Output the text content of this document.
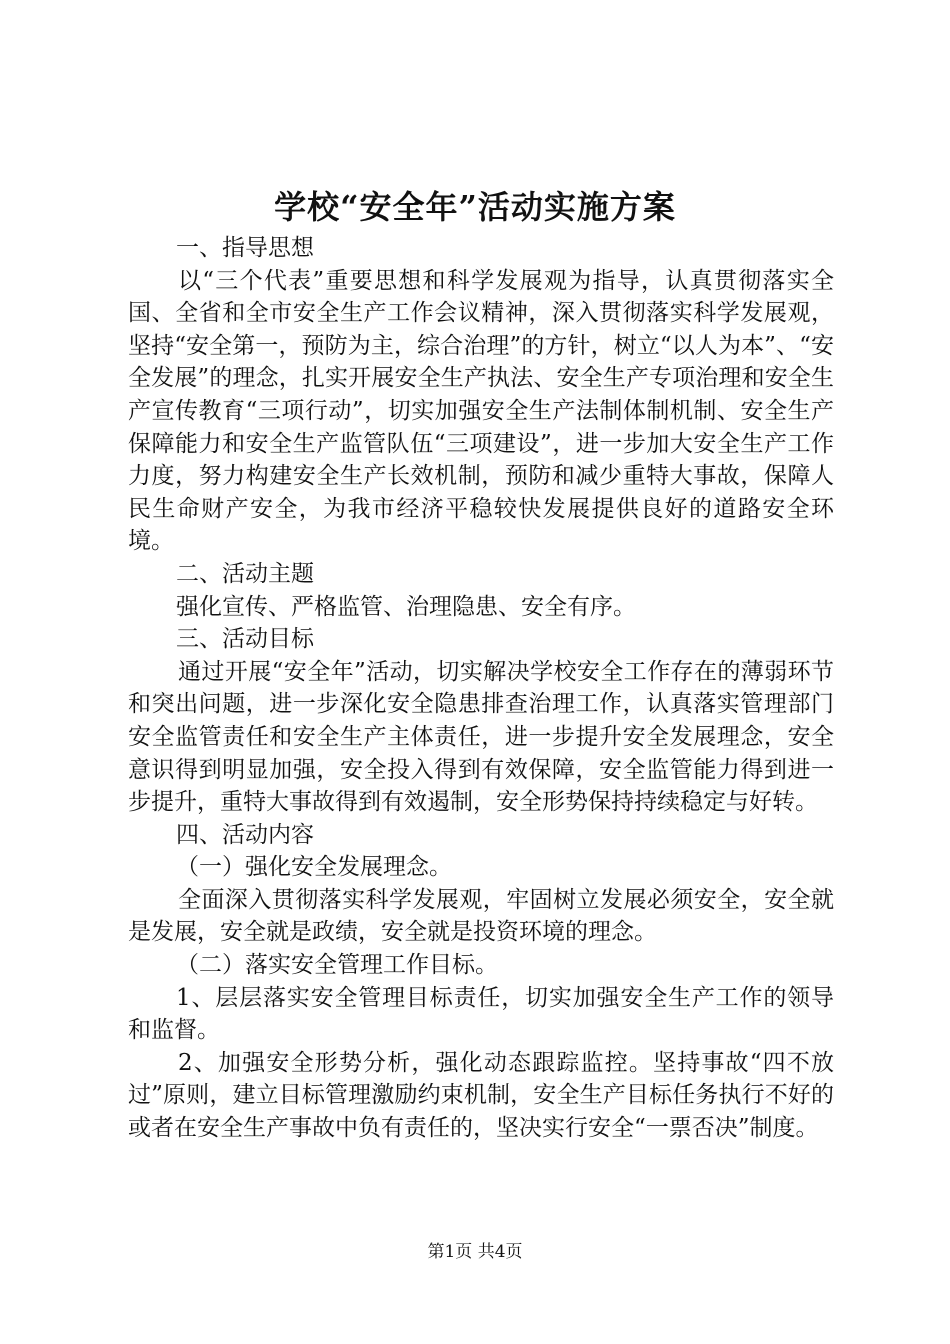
学校“安全年”活动实施方案

一、指导思想

以“三个代表”重要思想和科学发展观为指导，认真贯彻落实全国、全省和全市安全生产工作会议精神，深入贯彻落实科学发展观，坚持“安全第一，预防为主，综合治理”的方针，树立“以人为本”、“安全发展”的理念，扎实开展安全生产执法、安全生产专项治理和安全生产宣传教育“三项行动”，切实加强安全生产法制体制机制、安全生产保障能力和安全生产监管队伍“三项建设”，进一步加大安全生产工作力度，努力构建安全生产长效机制，预防和减少重特大事故，保障人民生命财产安全，为我市经济平稳较快发展提供良好的道路安全环境。

二、活动主题

强化宣传、严格监管、治理隐患、安全有序。

三、活动目标

通过开展“安全年”活动，切实解决学校安全工作存在的薄弱环节和突出问题，进一步深化安全隐患排查治理工作，认真落实管理部门安全监管责任和安全生产主体责任，进一步提升安全发展理念，安全意识得到明显加强，安全投入得到有效保障，安全监管能力得到进一步提升，重特大事故得到有效遏制，安全形势保持持续稳定与好转。

四、活动内容

（一）强化安全发展理念。

全面深入贯彻落实科学发展观，牢固树立发展必须安全，安全就是发展，安全就是政绩，安全就是投资环境的理念。

（二）落实安全管理工作目标。

1、层层落实安全管理目标责任，切实加强安全生产工作的领导和监督。

2、加强安全形势分析，强化动态跟踪监控。坚持事故“四不放过”原则，建立目标管理激励约束机制，安全生产目标任务执行不好的或者在安全生产事故中负有责任的，坚决实行安全“一票否决”制度。

第1页 共4页
